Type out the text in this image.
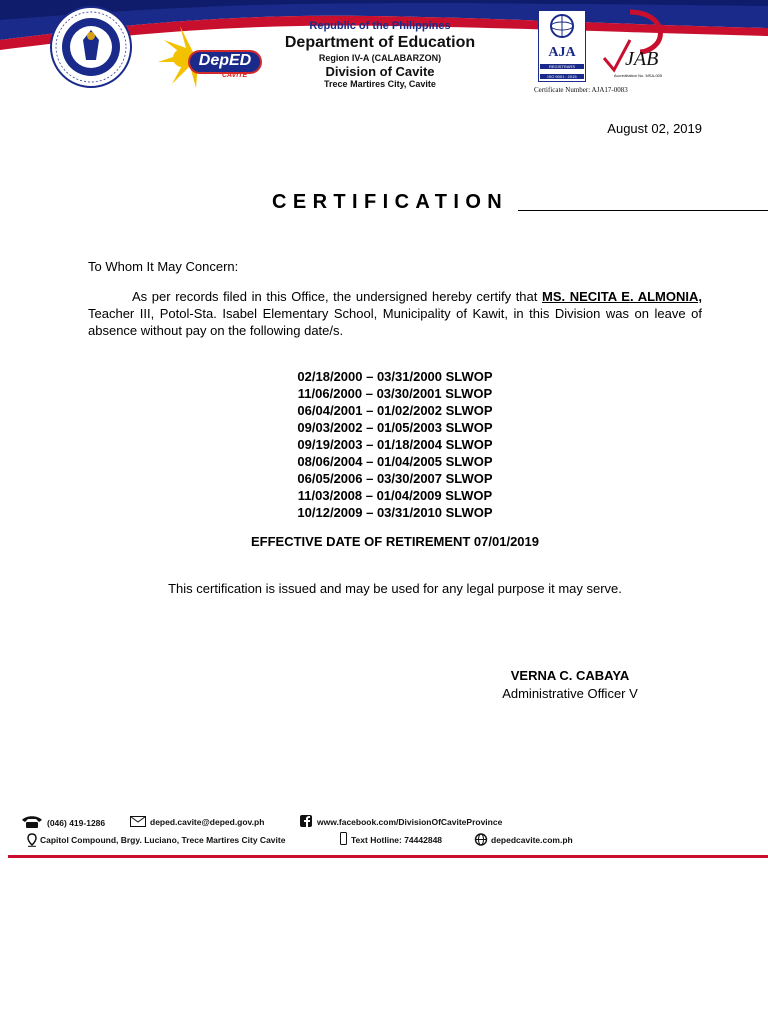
DepED
CAVITE
Republic of the Philippines
Department of Education
Region IV-A (CALABARZON)
Division of Cavite
Trece Martires City, Cavite
AJA
REGISTRARS
ISO 9001 : 2015
JAB
Accreditation No. MSA-005
Certificate Number: AJA17-0083
August 02, 2019
CERTIFICATION
To Whom It May Concern:
As per records filed in this Office, the undersigned hereby certify that MS. NECITA E. ALMONIA, Teacher III, Potol-Sta. Isabel Elementary School, Municipality of Kawit, in this Division was on leave of absence without pay on the following date/s.
02/18/2000 – 03/31/2000 SLWOP
11/06/2000 – 03/30/2001 SLWOP
06/04/2001 – 01/02/2002 SLWOP
09/03/2002 – 01/05/2003 SLWOP
09/19/2003 – 01/18/2004 SLWOP
08/06/2004 – 01/04/2005 SLWOP
06/05/2006 – 03/30/2007 SLWOP
11/03/2008 – 01/04/2009 SLWOP
10/12/2009 – 03/31/2010 SLWOP
EFFECTIVE DATE OF RETIREMENT 07/01/2019
This certification is issued and may be used for any legal purpose it may serve.
VERNA C. CABAYA
Administrative Officer V
(046) 419-1286	deped.cavite@deped.gov.ph	www.facebook.com/DivisionOfCaviteProvince
Capitol Compound, Brgy. Luciano, Trece Martires City Cavite	Text Hotline: 74442848	depedcavite.com.ph
